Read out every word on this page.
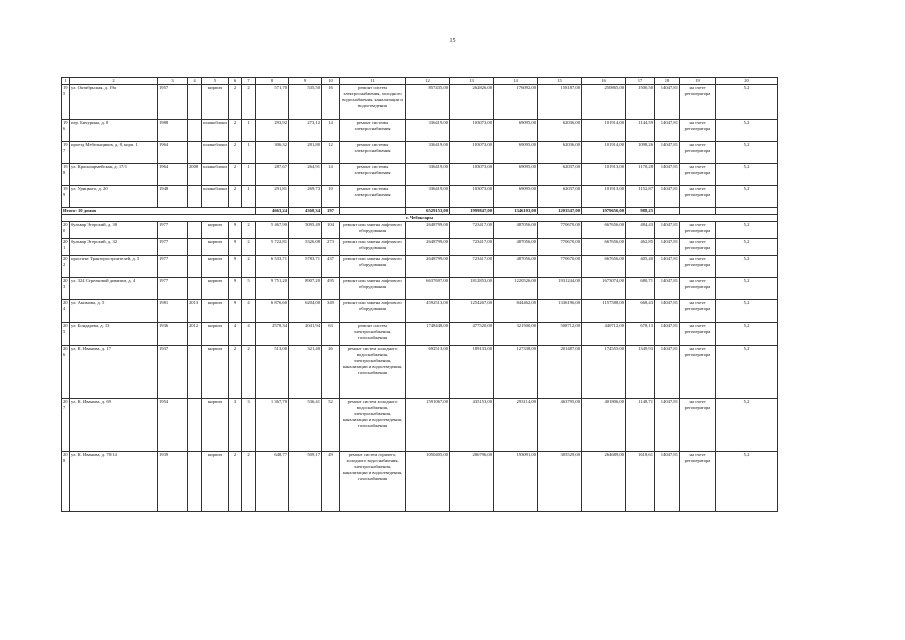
15
1	2	3	4	5	6	7	8	9	10	11	12	13	14	15	16	17	18	19	20
195	ул. Октябрьская, д. 19а	1957		кирпич	2	2	571,70	535,50	16	ремонт систем электроснабжения, холодного водоснабжения, канализации и водоотведения	857435,00	262826,00	176092,00	158187,00	250865,00	1500,50	14047,81	на счете регоператора	5,2
196	пер. Бичурина, д. 8	1988		шлакоблоки	2	1	293,92	273,12	14	ремонт системы электроснабжения	336419,00	103073,00	69095,00	62036,00	101914,00	1144,59	14047,81	на счете регоператора	5,2
197	проезд Мебельщиков, д. 8, корп. 1	1964		шлакоблоки	2	1	306,32	281,80	12	ремонт системы электроснабжения	336419,00	103073,00	69095,00	62036,00	101914,00	1098,26	14047,81	на счете регоператора	5,2
198	ул. Красноармейская, д. 17/1	1964	2008	шлакоблоки	2	1	287,67	264,91	14	ремонт системы электроснабжения	336419,00	103073,00	69095,00	62037,00	101913,00	1170,28	14047,81	на счете регоператора	5,2
199	ул. Урицкого, д. 20	1948		шлакоблоки	2	1	291,81	269,73	10	ремонт системы электроснабжения	336419,00	103073,00	69095,00	62037,00	101913,00	1152,87	14047,81	на счете регоператора	5,2
Итого: 10 домов							4663,24	4368,34	197		6529153,00	1999847,00	1346103,00	1203547,00	1979656,00	988,25			
г. Чебоксары																			
200	бульвар Эгерский, д. 30	1977		кирпич	9	2	5 467,90	5095,49	104	ремонт или замена лифтового оборудования	2648799,00	723417,00	487056,00	770670,00	667656,00	484,43	14047,81	на счете регоператора	5,2
201	бульвар Эгерский, д. 32	1977		кирпич	9	2	5 722,81	5326,08	273	ремонт или замена лифтового оборудования	2648799,00	723417,00	487056,00	770670,00	667656,00	462,85	14047,81	на счете регоператора	5,2
202	проспект Тракторостроителей, д. 5	1977		кирпич	9	2	6 533,71	5783,71	437	ремонт или замена лифтового оборудования	2648799,00	723417,00	487056,00	770670,00	667656,00	405,40	14047,81	на счете регоператора	5,2
203	ул. 324 Стрелковой дивизии, д. 4	1977		кирпич	9	5	9 751,20	8907,20	495	ремонт или замена лифтового оборудования	6637697,00	1812853,00	1220526,00	1931244,00	1673074,00	680,71	14047,81	на счете регоператора	5,2
204	ул. Акимова, д. 5	1981	2013	кирпич	9	4	6 876,60	6204,00	349	ремонт или замена лифтового оборудования	4592513,00	1254267,00	844462,00	1336196,00	1157588,00	668,43	14047,81	на счете регоператора	5,2
205	ул. Бондарева, д. 13	1936	2012	кирпич	4	4	2578,34	2041,94	63	ремонт систем электроснабжения, газоснабжения	1748448,00	477520,00	321500,00	508712,00	440712,00	678,13	14047,81	на счете регоператора	5,2
206	ул. К. Иванова, д. 17	1937		кирпич	2	2	513,00	321,40	26	ремонт систем холодного водоснабжения, электроснабжения, канализации и водоотведения, газоснабжения	692513,00	189133,00	127338,00	201487,00	174555,00	1349,93	14047,81	на счете регоператора	5,2
207	ул. К. Иванова, д. 69	1954		кирпич	3	3	1 367,70	536,41	52	ремонт систем холодного водоснабжения, электроснабжения, канализации и водоотведения, газоснабжения	1591067,00	435153,00	293114,00	463795,00	401806,00	1148,71	14047,81	на счете регоператора	5,2
208	ул. К. Иванова, д. 78/14	1939		кирпич	2	2	648,77	509,17	49	ремонт систем горячего, холодного водоснабжения, электроснабжения, канализации и водоотведения, газоснабжения	1050405,00	286796,00	193091,00	305529,00	264689,00	1618,61	14047,81	на счете регоператора	5,2
